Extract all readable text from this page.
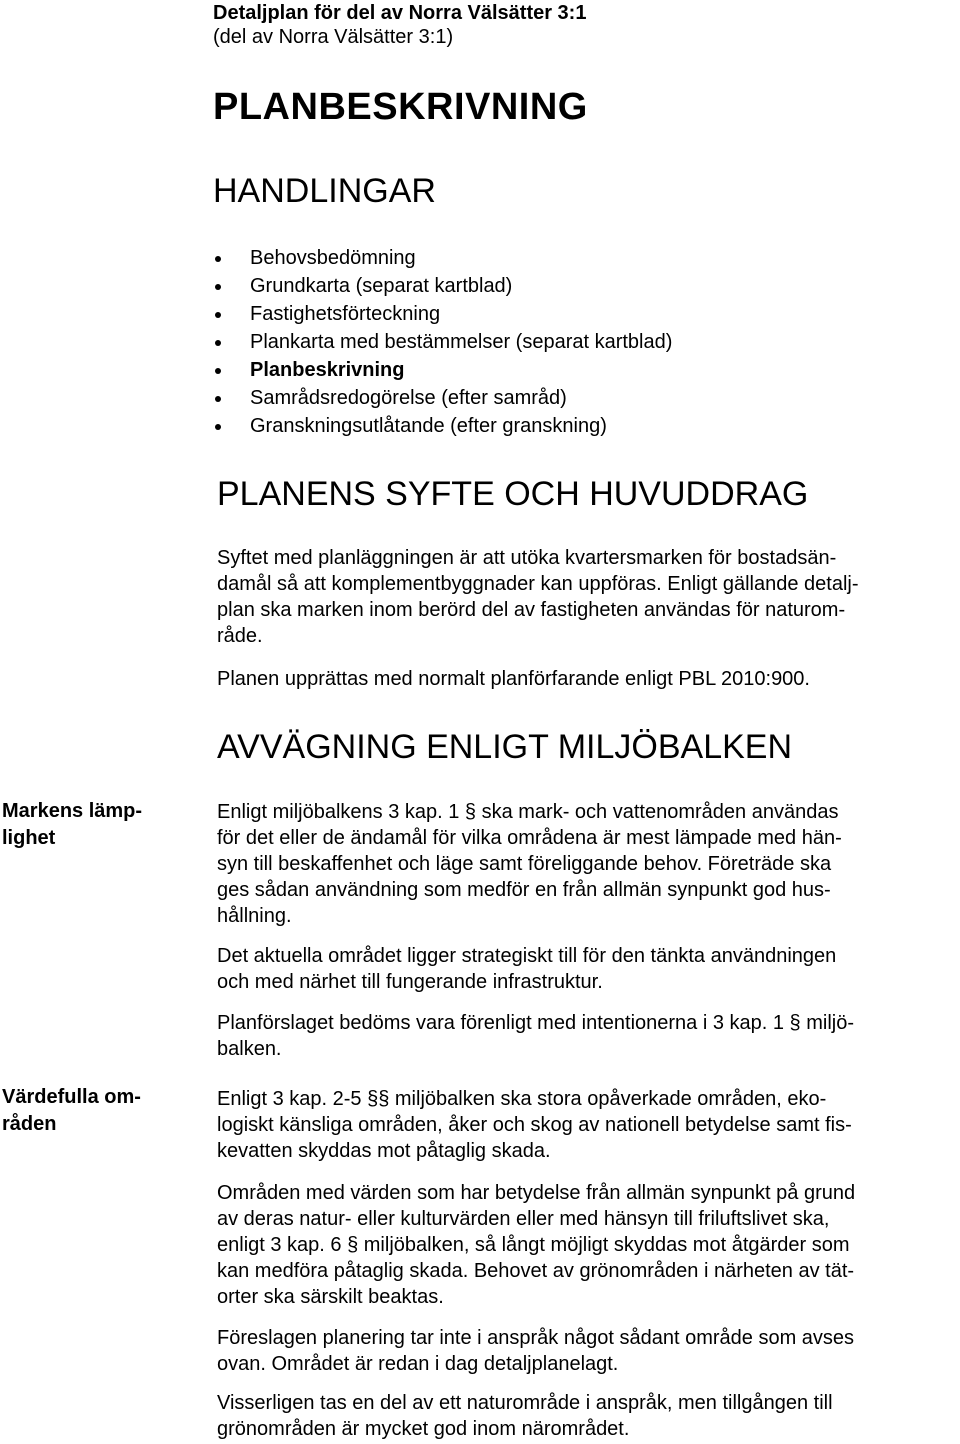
Detaljplan för del av Norra Välsätter 3:1
(del av Norra Välsätter 3:1)
PLANBESKRIVNING
HANDLINGAR
Behovsbedömning
Grundkarta (separat kartblad)
Fastighetsförteckning
Plankarta med bestämmelser (separat kartblad)
Planbeskrivning
Samrådsredogörelse (efter samråd)
Granskningsutlåtande (efter granskning)
PLANENS SYFTE OCH HUVUDDRAG

Syftet med planläggningen är att utöka kvartersmarken för bostadsän-

damål så att komplementbyggnader kan uppföras. Enligt gällande detalj-

plan ska marken inom berörd del av fastigheten användas för naturom-

råde.

Planen upprättas med normalt planförfarande enligt PBL 2010:900.

AVVÄGNING ENLIGT MILJÖBALKEN
Markens lämp-
lighet

Enligt miljöbalkens 3 kap. 1 § ska mark- och vattenområden användas

för det eller de ändamål för vilka områdena är mest lämpade med hän-

syn till beskaffenhet och läge samt föreliggande behov. Företräde ska

ges sådan användning som medför en från allmän synpunkt god hus-

hållning.

Det aktuella området ligger strategiskt till för den tänkta användningen

och med närhet till fungerande infrastruktur.

Planförslaget bedöms vara förenligt med intentionerna i 3 kap. 1 § miljö-

balken.

Värdefulla om-
råden

Enligt 3 kap. 2-5 §§ miljöbalken ska stora opåverkade områden, eko-

logiskt känsliga områden, åker och skog av nationell betydelse samt fis-

kevatten skyddas mot påtaglig skada.

Områden med värden som har betydelse från allmän synpunkt på grund

av deras natur- eller kulturvärden eller med hänsyn till friluftslivet ska,

enligt 3 kap. 6 § miljöbalken, så långt möjligt skyddas mot åtgärder som

kan medföra påtaglig skada. Behovet av grönområden i närheten av tät-

orter ska särskilt beaktas.

Föreslagen planering tar inte i anspråk något sådant område som avses

ovan. Området är redan i dag detaljplanelagt.

Visserligen tas en del av ett naturområde i anspråk, men tillgången till

grönområden är mycket god inom närområdet.
